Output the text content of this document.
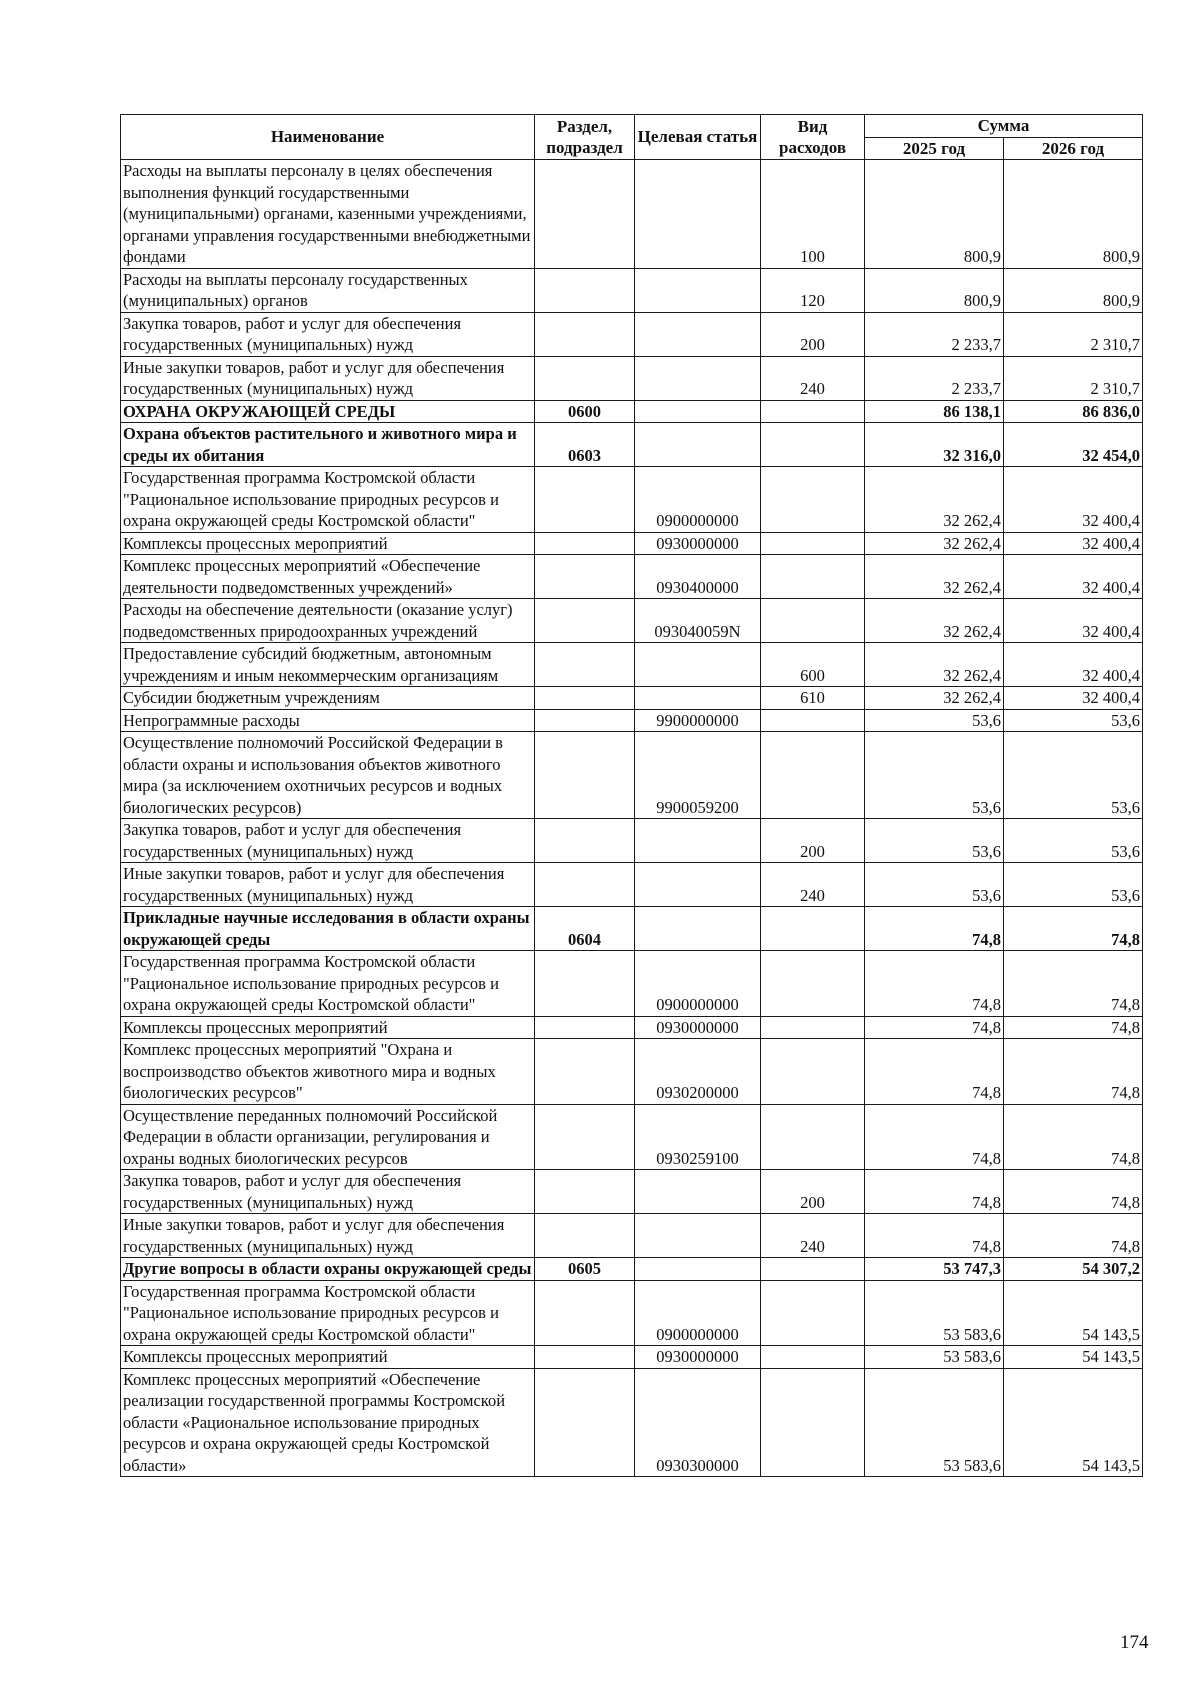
Наименование	Раздел, подраздел	Целевая статья	Вид расходов	Сумма	
				2025 год	2026 год
Расходы на выплаты персоналу в целях обеспечения выполнения функций государственными (муниципальными) органами, казенными учреждениями, органами управления государственными внебюджетными фондами			100	800,9	800,9
Расходы на выплаты персоналу государственных (муниципальных) органов			120	800,9	800,9
Закупка товаров, работ и услуг для обеспечения государственных (муниципальных) нужд			200	2 233,7	2 310,7
Иные закупки товаров, работ и услуг для обеспечения государственных (муниципальных) нужд			240	2 233,7	2 310,7
ОХРАНА ОКРУЖАЮЩЕЙ СРЕДЫ	0600			86 138,1	86 836,0
Охрана объектов растительного и животного мира и среды их обитания	0603			32 316,0	32 454,0
Государственная программа Костромской области "Рациональное использование природных ресурсов и охрана окружающей среды Костромской области"		0900000000		32 262,4	32 400,4
Комплексы процессных мероприятий		0930000000		32 262,4	32 400,4
Комплекс процессных мероприятий «Обеспечение деятельности подведомственных учреждений»		0930400000		32 262,4	32 400,4
Расходы на обеспечение деятельности (оказание услуг) подведомственных природоохранных учреждений		093040059N		32 262,4	32 400,4
Предоставление субсидий бюджетным, автономным учреждениям и иным некоммерческим организациям			600	32 262,4	32 400,4
Субсидии бюджетным учреждениям			610	32 262,4	32 400,4
Непрограммные расходы		9900000000		53,6	53,6
Осуществление полномочий Российской Федерации в области охраны и использования объектов животного мира (за исключением охотничьих ресурсов и водных биологических ресурсов)		9900059200		53,6	53,6
Закупка товаров, работ и услуг для обеспечения государственных (муниципальных) нужд			200	53,6	53,6
Иные закупки товаров, работ и услуг для обеспечения государственных (муниципальных) нужд			240	53,6	53,6
Прикладные научные исследования в области охраны окружающей среды	0604			74,8	74,8
Государственная программа Костромской области "Рациональное использование природных ресурсов и охрана окружающей среды Костромской области"		0900000000		74,8	74,8
Комплексы процессных мероприятий		0930000000		74,8	74,8
Комплекс процессных мероприятий "Охрана и воспроизводство объектов животного мира и водных биологических ресурсов"		0930200000		74,8	74,8
Осуществление переданных полномочий Российской Федерации в области организации, регулирования и охраны водных биологических ресурсов		0930259100		74,8	74,8
Закупка товаров, работ и услуг для обеспечения государственных (муниципальных) нужд			200	74,8	74,8
Иные закупки товаров, работ и услуг для обеспечения государственных (муниципальных) нужд			240	74,8	74,8
Другие вопросы в области охраны окружающей среды	0605			53 747,3	54 307,2
Государственная программа Костромской области "Рациональное использование природных ресурсов и охрана окружающей среды Костромской области"		0900000000		53 583,6	54 143,5
Комплексы процессных мероприятий		0930000000		53 583,6	54 143,5
Комплекс процессных мероприятий «Обеспечение реализации государственной программы Костромской области «Рациональное использование природных ресурсов и охрана окружающей среды Костромской области»		0930300000		53 583,6	54 143,5
174
